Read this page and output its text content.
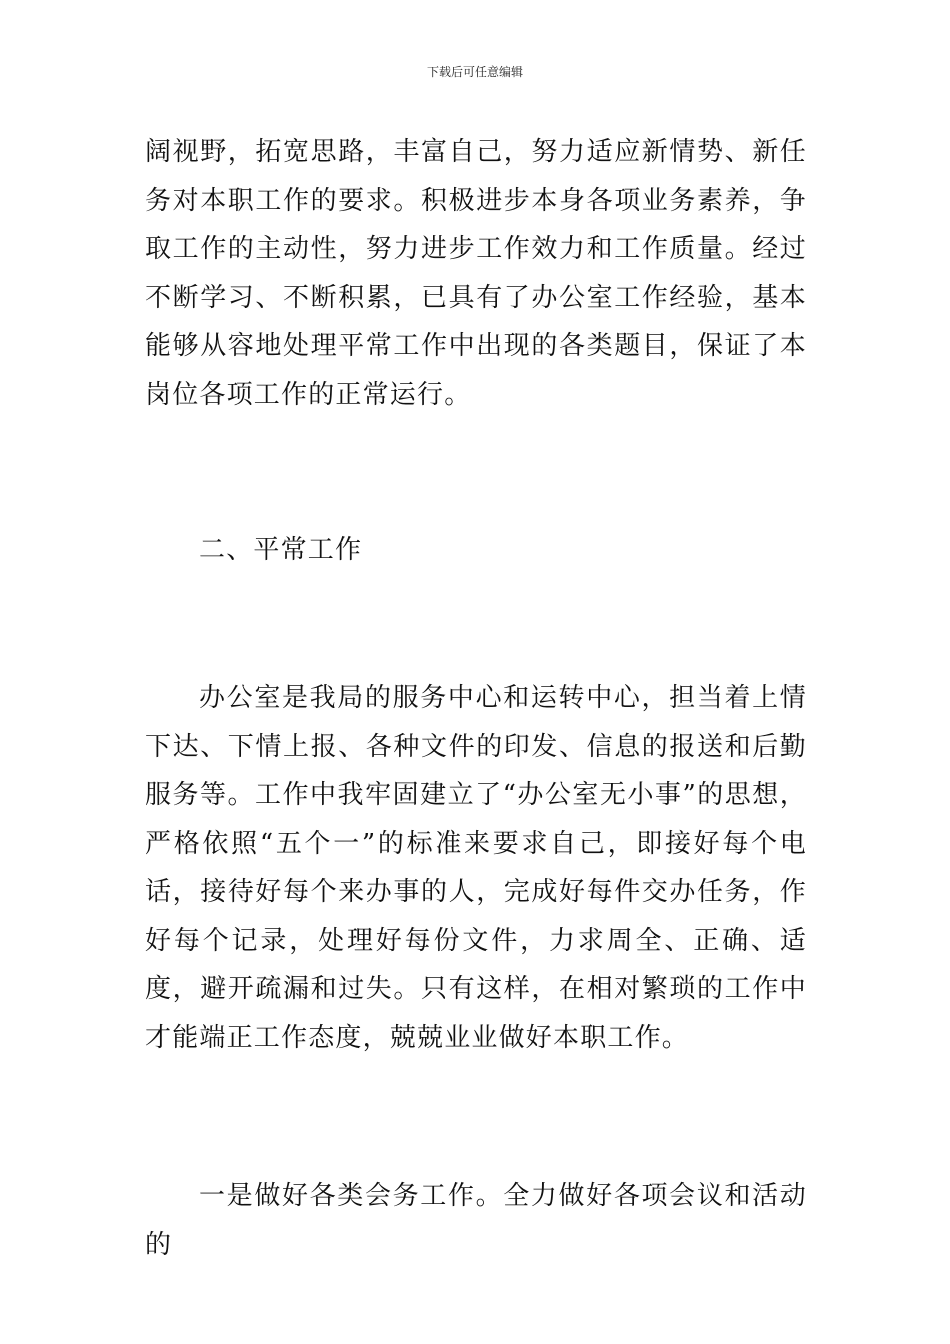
下载后可任意编辑

阔视野，拓宽思路，丰富自己，努力适应新情势、新任务对本职工作的要求。积极进步本身各项业务素养，争取工作的主动性，努力进步工作效力和工作质量。经过不断学习、不断积累，已具有了办公室工作经验，基本能够从容地处理平常工作中出现的各类题目，保证了本岗位各项工作的正常运行。

二、平常工作

办公室是我局的服务中心和运转中心，担当着上情下达、下情上报、各种文件的印发、信息的报送和后勤服务等。工作中我牢固建立了“办公室无小事”的思想，严格依照“五个一”的标准来要求自己，即接好每个电话，接待好每个来办事的人，完成好每件交办任务，作好每个记录，处理好每份文件，力求周全、正确、适度，避开疏漏和过失。只有这样，在相对繁琐的工作中才能端正工作态度，兢兢业业做好本职工作。

一是做好各类会务工作。全力做好各项会议和活动的
